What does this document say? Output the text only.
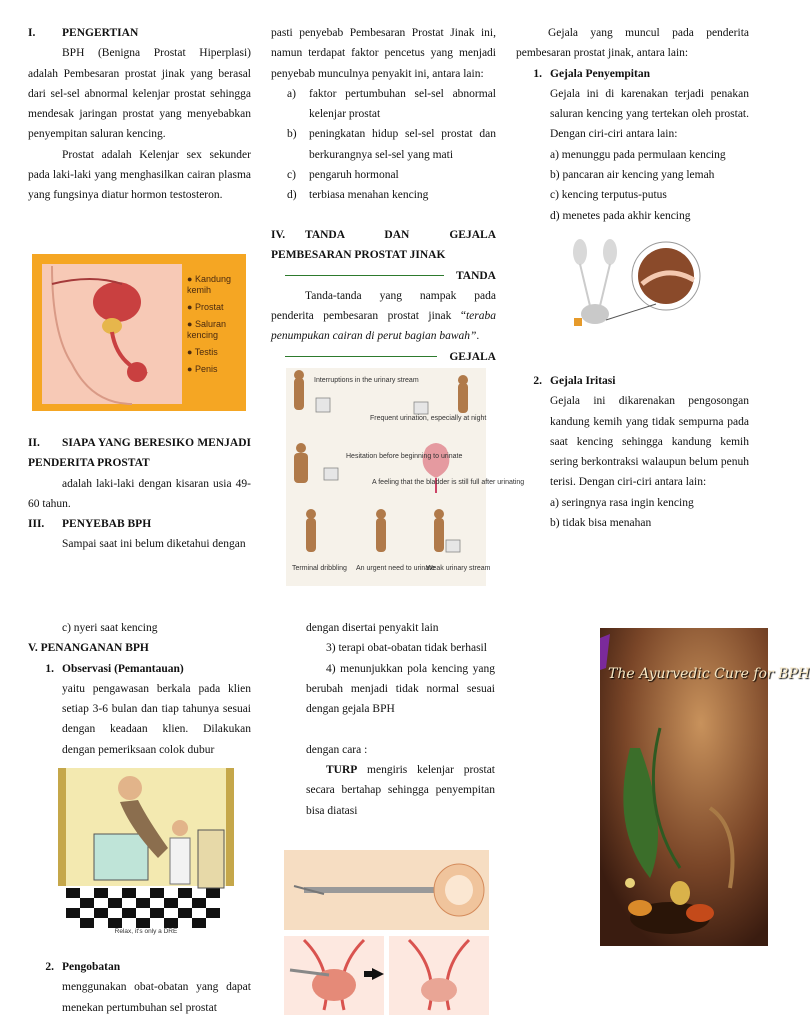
I. PENGERTIAN

BPH (Benigna Prostat Hiperplasi) adalah Pembesaran prostat jinak yang berasal dari sel-sel abnormal kelenjar prostat sehingga mendesak jaringan prostat yang menyebabkan penyempitan saluran kencing.

Prostat adalah Kelenjar sex sekunder pada laki-laki yang menghasilkan cairan plasma yang fungsinya diatur hormon testosteron.

● Kandung kemih
● Prostat
● Saluran kencing
● Testis
● Penis

II. SIAPA YANG BERESIKO MENJADI PENDERITA PROSTAT

adalah laki-laki dengan kisaran usia 49-60 tahun.

III. PENYEBAB BPH

Sampai saat ini belum diketahui dengan

pasti penyebab Pembesaran Prostat Jinak ini, namun terdapat faktor pencetus yang menjadi penyebab munculnya penyakit ini, antara lain:

a)	faktor pertumbuhan sel-sel abnormal kelenjar prostat
b)	peningkatan hidup sel-sel prostat dan berkurangnya sel-sel yang mati
c)	pengaruh hormonal
d)	terbiasa menahan kencing

IV. TANDA DAN GEJALA PEMBESARAN PROSTAT JINAK

TANDA

Tanda-tanda yang nampak pada penderita pembesaran prostat jinak “teraba penumpukan cairan di perut bagian bawah”.

GEJALA
Interruptions in the urinary stream
Frequent urination, especially at night
Hesitation before beginning to urinate
A feeling that the bladder is still full after urinating
Terminal dribbling An urgent need to urinate
Weak urinary stream

Gejala yang muncul pada penderita pembesaran prostat jinak, antara lain:

1. Gejala Penyempitan

Gejala ini di karenakan terjadi penakan saluran kencing yang tertekan oleh prostat. Dengan ciri-ciri antara lain:

a) menunggu pada permulaan kencing

b) pancaran air kencing yang lemah

c) kencing terputus-putus

d) menetes pada akhir kencing

2. Gejala Iritasi

Gejala ini dikarenakan pengosongan kandung kemih yang tidak sempurna pada saat kencing sehingga kandung kemih sering berkontraksi walaupun belum penuh terisi. Dengan ciri-ciri antara lain:

a) seringnya rasa ingin kencing

b) tidak bisa menahan

c) nyeri saat kencing

V. PENANGANAN BPH

1. Observasi (Pemantauan)

yaitu pengawasan berkala pada klien setiap 3-6 bulan dan tiap tahunya sesuai dengan keadaan klien. Dilakukan dengan pemeriksaan colok dubur

Relax, it's only a DRE
2. Pengobatan

menggunakan obat-obatan yang dapat menekan pertumbuhan sel prostat

dengan disertai penyakit lain

3) terapi obat-obatan tidak berhasil

4) menunjukkan pola kencing yang berubah menjadi tidak normal sesuai dengan gejala BPH

dengan cara :

TURP mengiris kelenjar prostat secara bertahap sehingga penyempitan bisa diatasi

The Ayurvedic Cure for BPH
